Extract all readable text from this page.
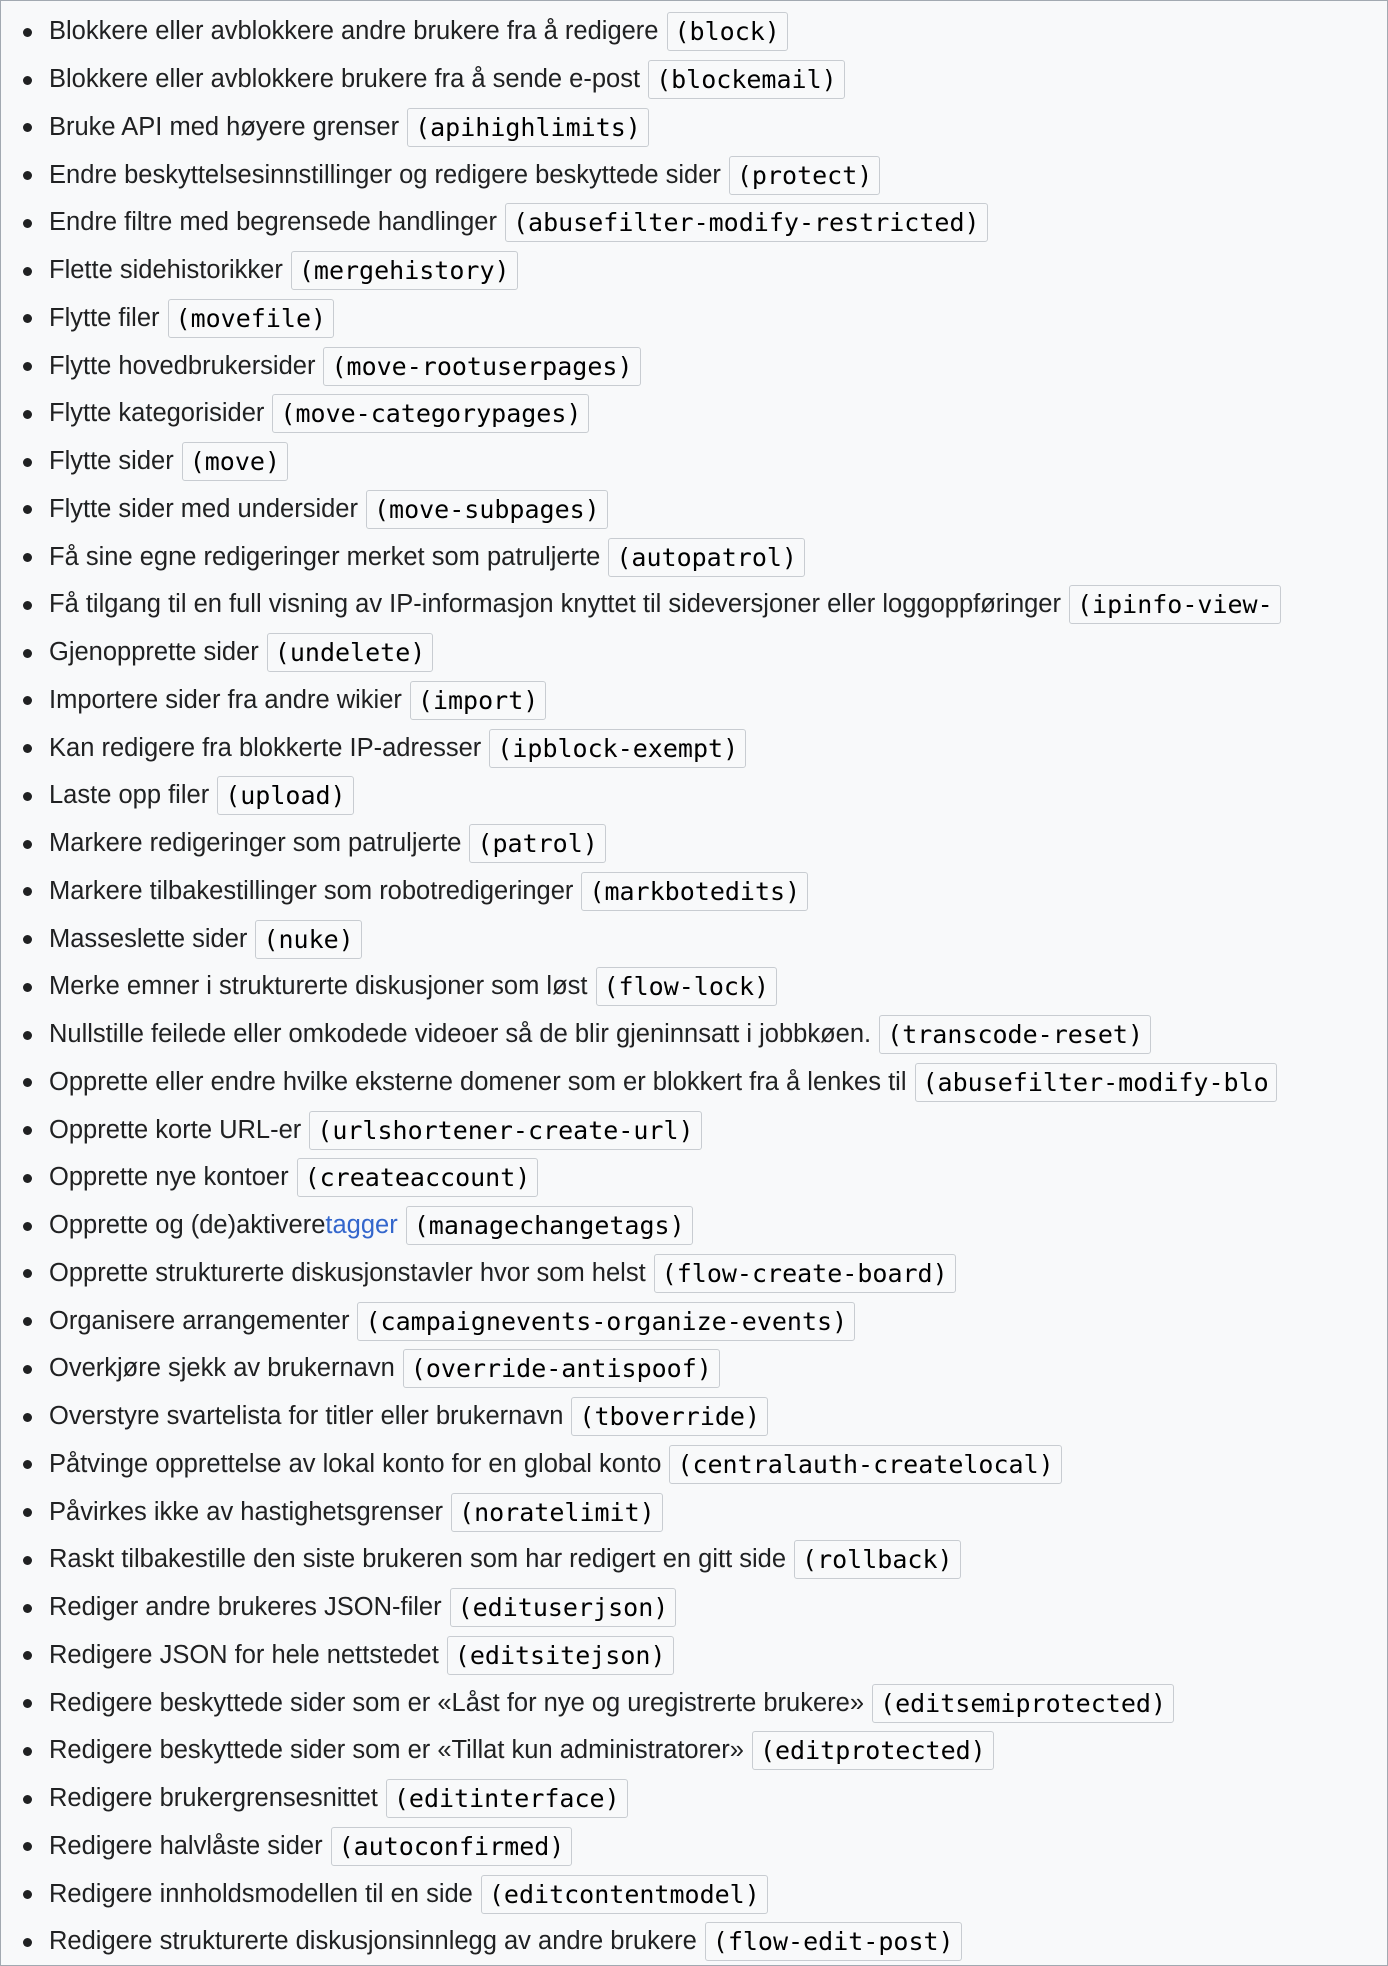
Blokkere eller avblokkere andre brukere fra å redigere (block)
Blokkere eller avblokkere brukere fra å sende e-post (blockemail)
Bruke API med høyere grenser (apihighlimits)
Endre beskyttelsesinnstillinger og redigere beskyttede sider (protect)
Endre filtre med begrensede handlinger (abusefilter-modify-restricted)
Flette sidehistorikker (mergehistory)
Flytte filer (movefile)
Flytte hovedbrukersider (move-rootuserpages)
Flytte kategorisider (move-categorypages)
Flytte sider (move)
Flytte sider med undersider (move-subpages)
Få sine egne redigeringer merket som patruljerte (autopatrol)
Få tilgang til en full visning av IP-informasjon knyttet til sideversjoner eller loggoppføringer (ipinfo-view-
Gjenopprette sider (undelete)
Importere sider fra andre wikier (import)
Kan redigere fra blokkerte IP-adresser (ipblock-exempt)
Laste opp filer (upload)
Markere redigeringer som patruljerte (patrol)
Markere tilbakestillinger som robotredigeringer (markbotedits)
Masseslette sider (nuke)
Merke emner i strukturerte diskusjoner som løst (flow-lock)
Nullstille feilede eller omkodede videoer så de blir gjeninnsatt i jobbkøen. (transcode-reset)
Opprette eller endre hvilke eksterne domener som er blokkert fra å lenkes til (abusefilter-modify-blo
Opprette korte URL-er (urlshortener-create-url)
Opprette nye kontoer (createaccount)
Opprette og (de)aktivere tagger (managechangetags)
Opprette strukturerte diskusjonstavler hvor som helst (flow-create-board)
Organisere arrangementer (campaignevents-organize-events)
Overkjøre sjekk av brukernavn (override-antispoof)
Overstyre svartelista for titler eller brukernavn (tboverride)
Påtvinge opprettelse av lokal konto for en global konto (centralauth-createlocal)
Påvirkes ikke av hastighetsgrenser (noratelimit)
Raskt tilbakestille den siste brukeren som har redigert en gitt side (rollback)
Rediger andre brukeres JSON-filer (edituserjson)
Redigere JSON for hele nettstedet (editsitejson)
Redigere beskyttede sider som er «Låst for nye og uregistrerte brukere» (editsemiprotected)
Redigere beskyttede sider som er «Tillat kun administratorer» (editprotected)
Redigere brukergrensesnittet (editinterface)
Redigere halvlåste sider (autoconfirmed)
Redigere innholdsmodellen til en side (editcontentmodel)
Redigere strukturerte diskusjonsinnlegg av andre brukere (flow-edit-post)
